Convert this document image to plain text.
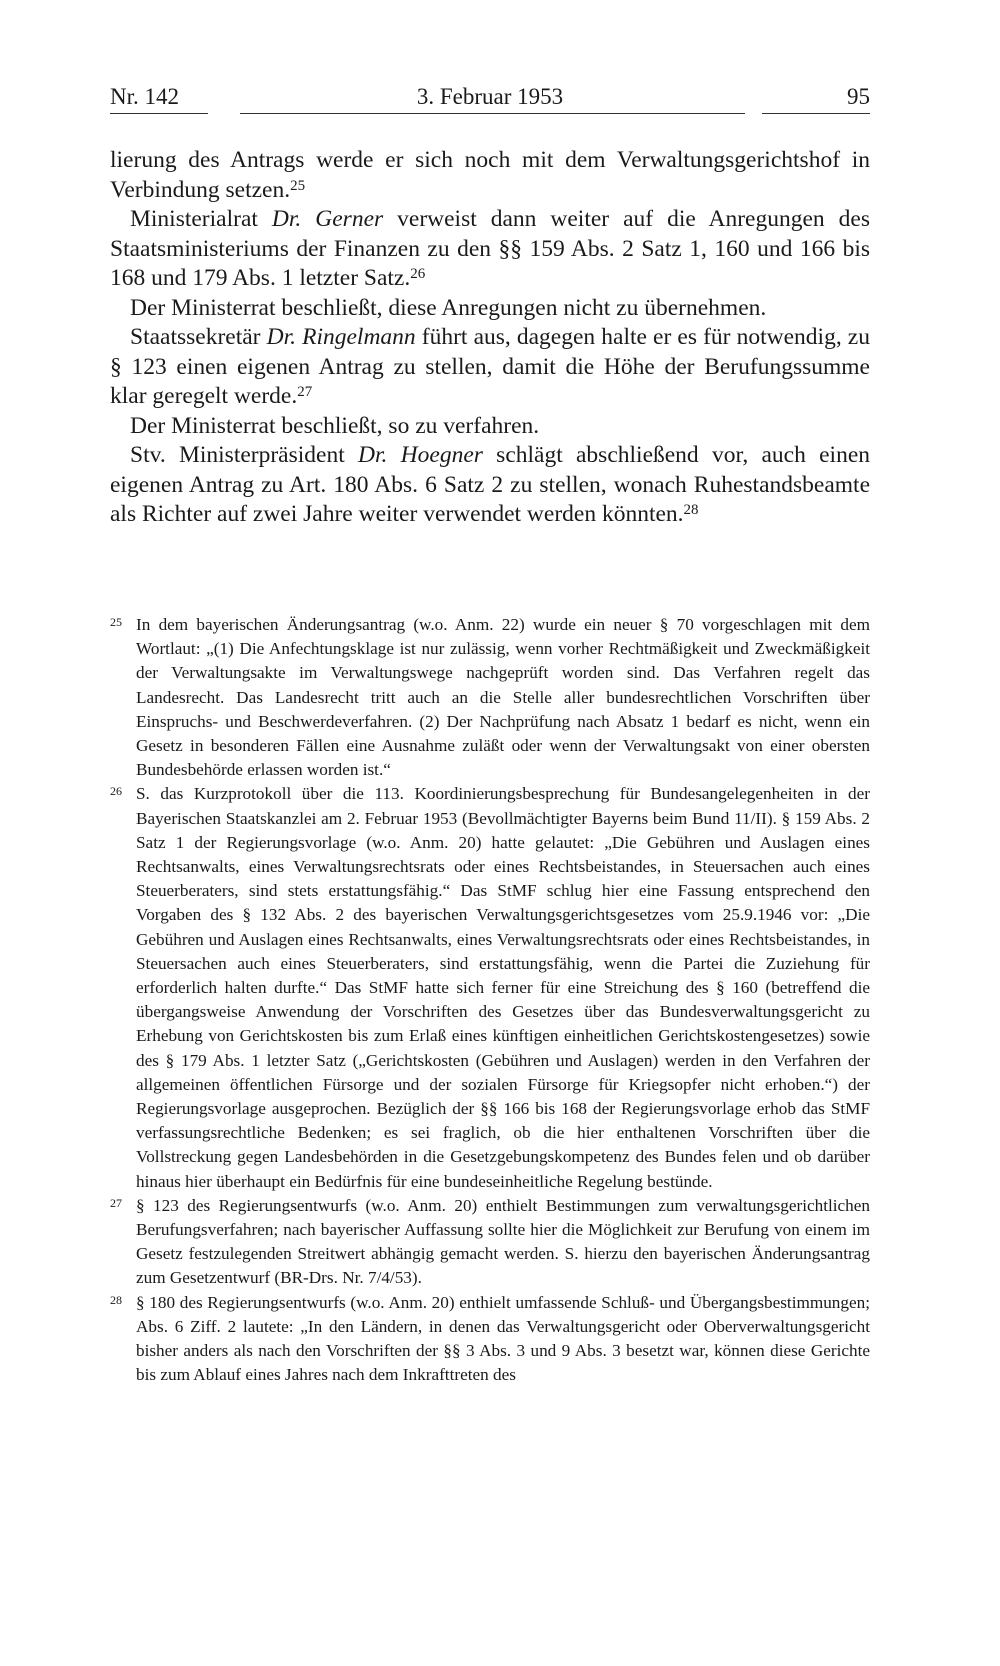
Nr. 142	3. Februar 1953	95

lierung des Antrags werde er sich noch mit dem Verwaltungsgerichtshof in Verbindung setzen.$^{25}$

Ministerialrat Dr. Gerner verweist dann weiter auf die Anregungen des Staatsministeriums der Finanzen zu den §§ 159 Abs. 2 Satz 1, 160 und 166 bis 168 und 179 Abs. 1 letzter Satz.$^{26}$

Der Ministerrat beschließt, diese Anregungen nicht zu übernehmen.

Staatssekretär Dr. Ringelmann führt aus, dagegen halte er es für notwendig, zu § 123 einen eigenen Antrag zu stellen, damit die Höhe der Berufungssumme klar geregelt werde.$^{27}$

Der Ministerrat beschließt, so zu verfahren.

Stv. Ministerpräsident Dr. Hoegner schlägt abschließend vor, auch einen eigenen Antrag zu Art. 180 Abs. 6 Satz 2 zu stellen, wonach Ruhestandsbeamte als Richter auf zwei Jahre weiter verwendet werden könnten.$^{28}$

25 In dem bayerischen Änderungsantrag (w.o. Anm. 22) wurde ein neuer § 70 vorgeschlagen mit dem Wortlaut: „(1) Die Anfechtungsklage ist nur zulässig, wenn vorher Rechtmäßigkeit und Zweckmäßigkeit der Verwaltungsakte im Verwaltungswege nachgeprüft worden sind. Das Verfahren regelt das Landesrecht. Das Landesrecht tritt auch an die Stelle aller bundesrechtlichen Vorschriften über Einspruchs- und Beschwerdeverfahren. (2) Der Nachprüfung nach Absatz 1 bedarf es nicht, wenn ein Gesetz in besonderen Fällen eine Ausnahme zuläßt oder wenn der Verwaltungsakt von einer obersten Bundesbehörde erlassen worden ist.“

26 S. das Kurzprotokoll über die 113. Koordinierungsbesprechung für Bundesangelegenheiten in der Bayerischen Staatskanzlei am 2. Februar 1953 (Bevollmächtigter Bayerns beim Bund 11/II). § 159 Abs. 2 Satz 1 der Regierungsvorlage (w.o. Anm. 20) hatte gelautet: „Die Gebühren und Auslagen eines Rechtsanwalts, eines Verwaltungsrechtsrats oder eines Rechtsbeistandes, in Steuersachen auch eines Steuerberaters, sind stets erstattungsfähig.“ Das StMF schlug hier eine Fassung entsprechend den Vorgaben des § 132 Abs. 2 des bayerischen Verwaltungsgerichtsgesetzes vom 25.9.1946 vor: „Die Gebühren und Auslagen eines Rechtsanwalts, eines Verwaltungsrechtsrats oder eines Rechtsbeistandes, in Steuersachen auch eines Steuerberaters, sind erstattungsfähig, wenn die Partei die Zuziehung für erforderlich halten durfte.“ Das StMF hatte sich ferner für eine Streichung des § 160 (betreffend die übergangsweise Anwendung der Vorschriften des Gesetzes über das Bundesverwaltungsgericht zu Erhebung von Gerichtskosten bis zum Erlaß eines künftigen einheitlichen Gerichtskostengesetzes) sowie des § 179 Abs. 1 letzter Satz („Gerichtskosten (Gebühren und Auslagen) werden in den Verfahren der allgemeinen öffentlichen Fürsorge und der sozialen Fürsorge für Kriegsopfer nicht erhoben.“) der Regierungsvorlage ausgeprochen. Bezüglich der §§ 166 bis 168 der Regierungsvorlage erhob das StMF verfassungsrechtliche Bedenken; es sei fraglich, ob die hier enthaltenen Vorschriften über die Vollstreckung gegen Landesbehörden in die Gesetzgebungskompetenz des Bundes felen und ob darüber hinaus hier überhaupt ein Bedürfnis für eine bundeseinheitliche Regelung bestünde.

27 § 123 des Regierungsentwurfs (w.o. Anm. 20) enthielt Bestimmungen zum verwaltungsgerichtlichen Berufungsverfahren; nach bayerischer Auffassung sollte hier die Möglichkeit zur Berufung von einem im Gesetz festzulegenden Streitwert abhängig gemacht werden. S. hierzu den bayerischen Änderungsantrag zum Gesetzentwurf (BR-Drs. Nr. 7/4/53).

28 § 180 des Regierungsentwurfs (w.o. Anm. 20) enthielt umfassende Schluß- und Übergangsbestimmungen; Abs. 6 Ziff. 2 lautete: „In den Ländern, in denen das Verwaltungsgericht oder Oberverwaltungsgericht bisher anders als nach den Vorschriften der §§ 3 Abs. 3 und 9 Abs. 3 besetzt war, können diese Gerichte bis zum Ablauf eines Jahres nach dem Inkrafttreten des
